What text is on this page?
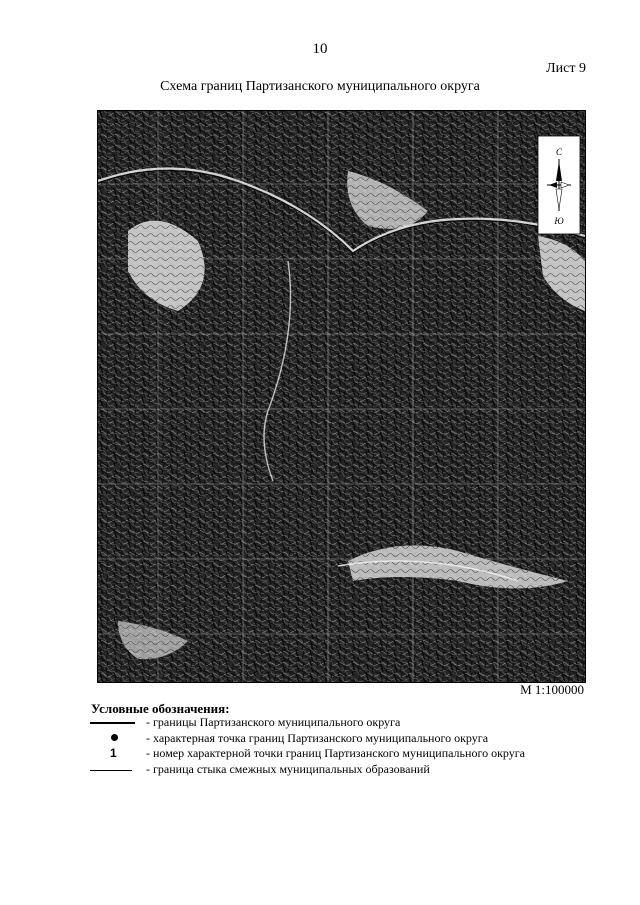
10
Лист 9
Схема границ Партизанского муниципального округа
С
Ю
М 1:100000
Условные обозначения:
- границы Партизанского муниципального округа
- характерная точка границ Партизанского муниципального округа
1 - номер характерной точки границ Партизанского муниципального округа
- граница стыка смежных муниципальных образований
